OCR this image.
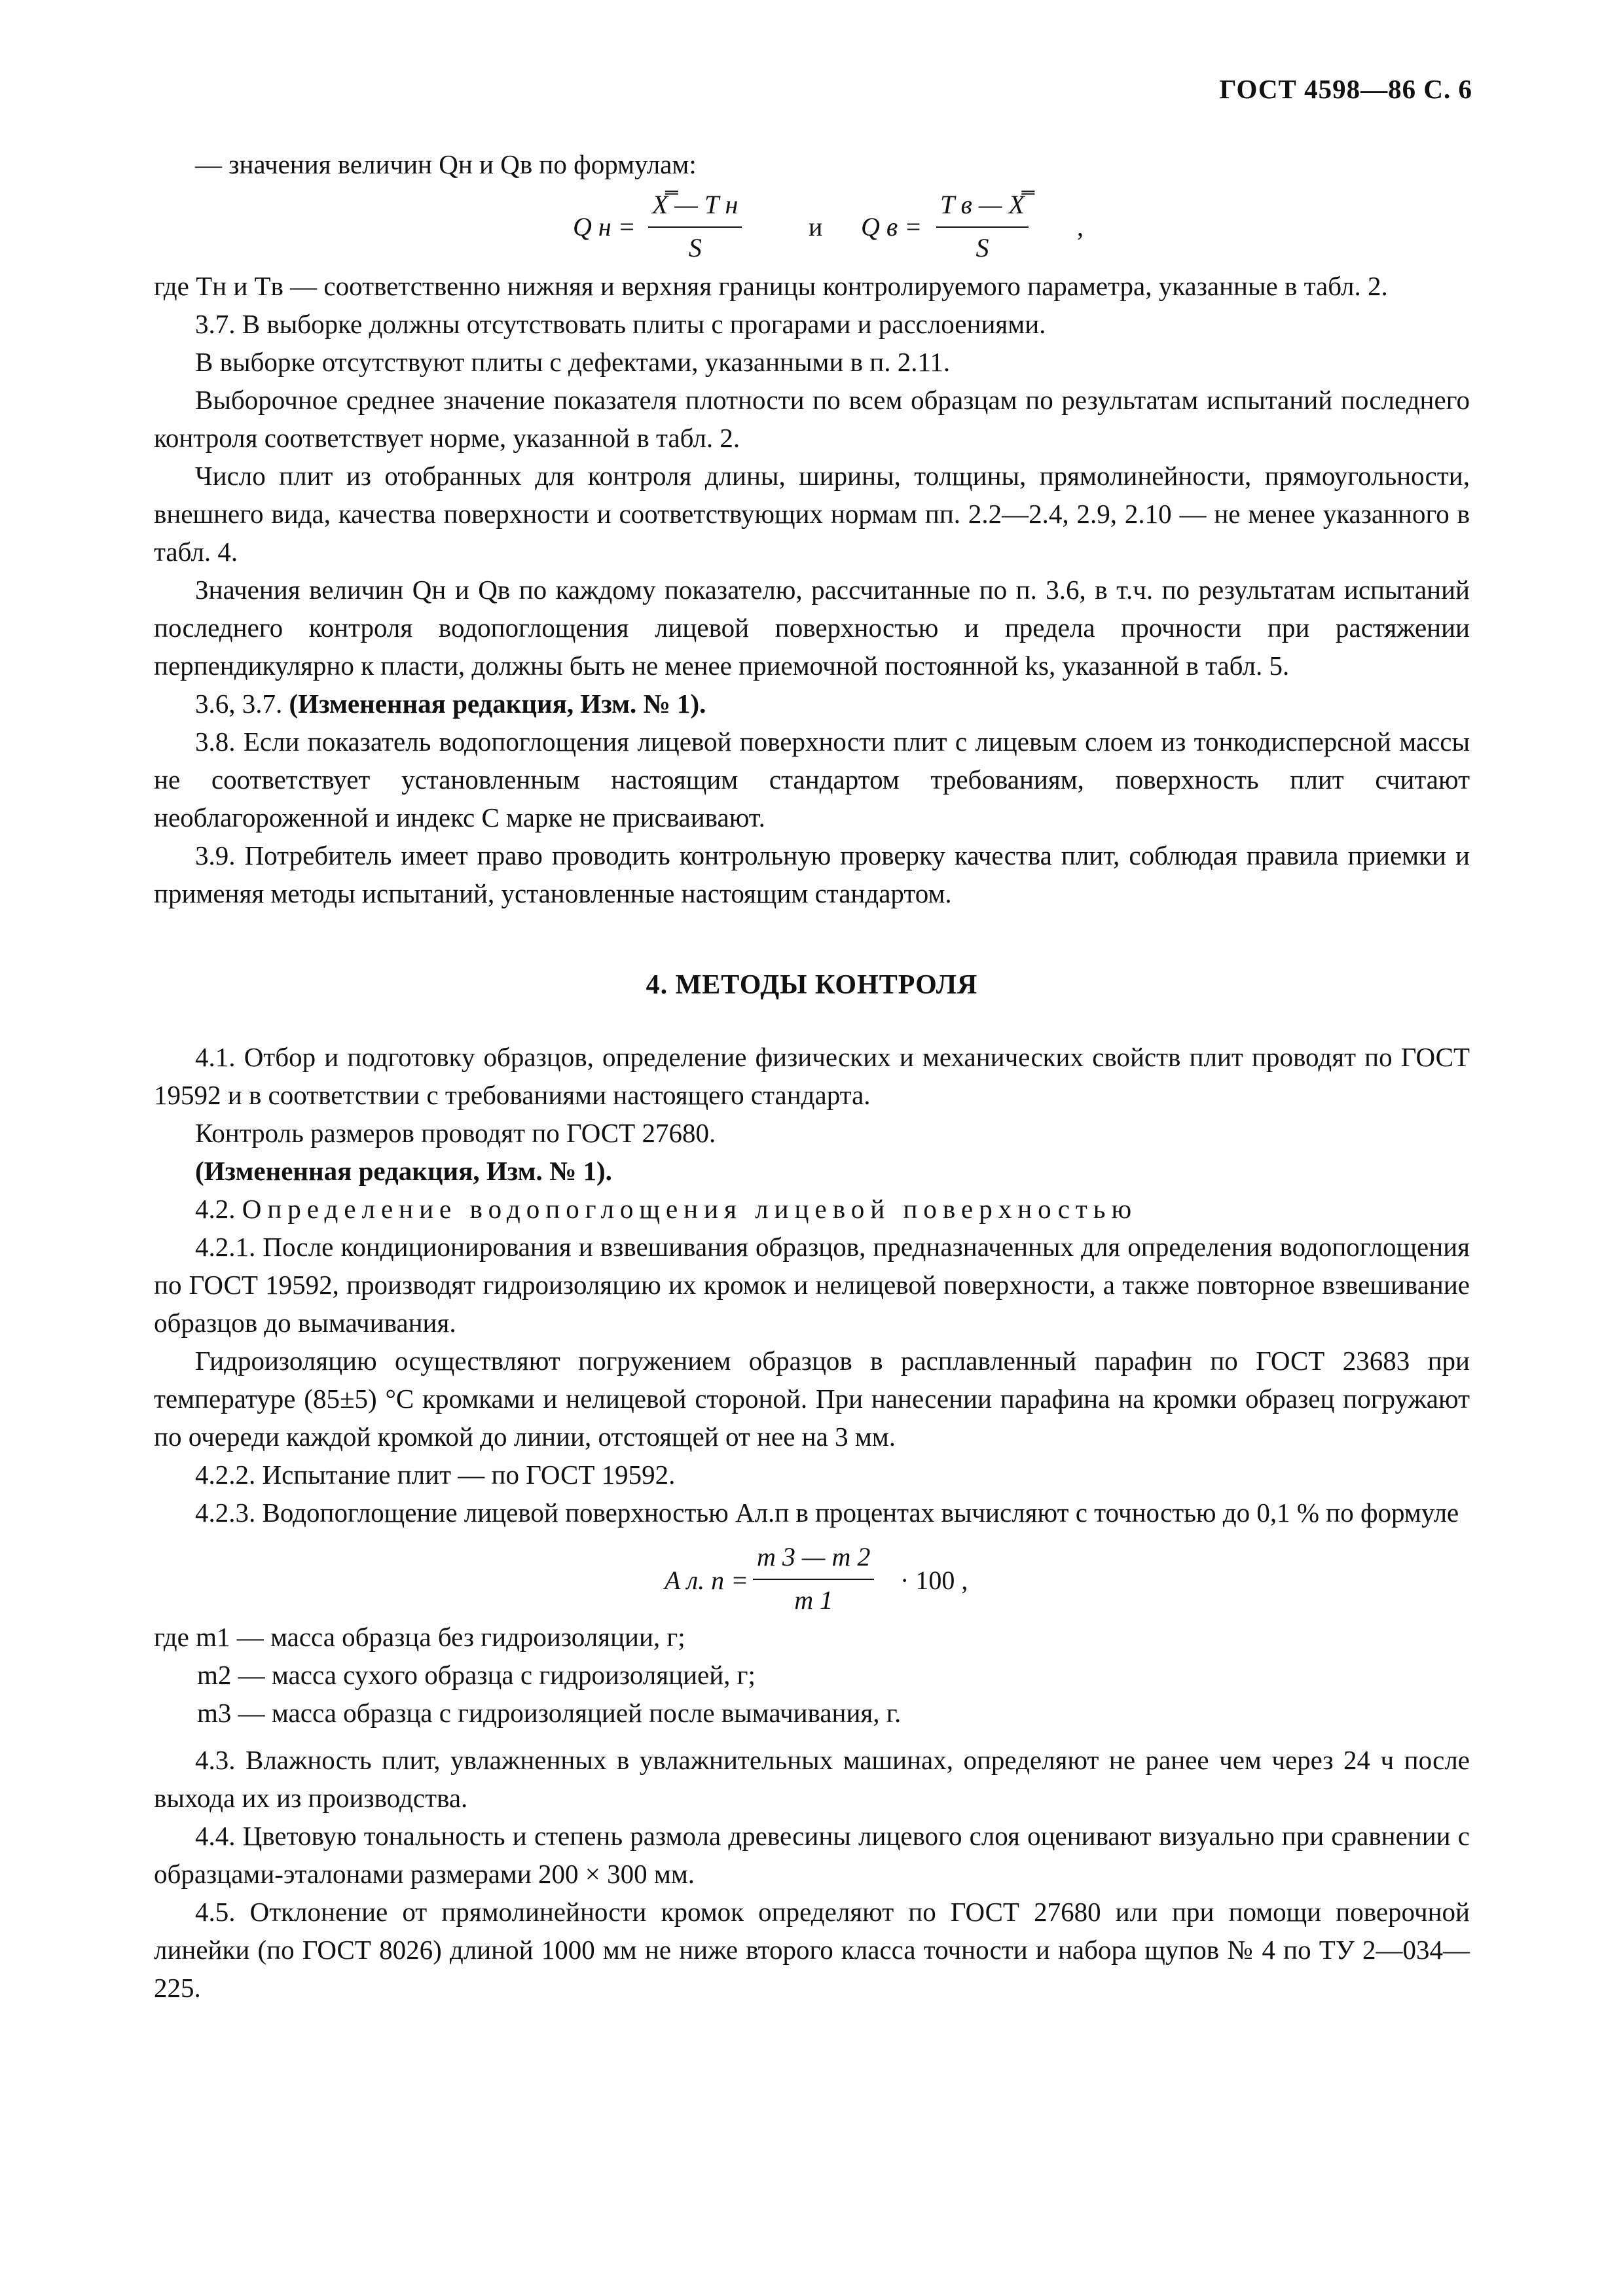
ГОСТ 4598—86 С. 6

— значения величин Qн и Qв по формулам:

Q н =
X̿ — T н
S
и Q в =
T в — X̿
S
,

где Tн и Tв — соответственно нижняя и верхняя границы контролируемого параметра, указанные в табл. 2.

3.7. В выборке должны отсутствовать плиты с прогарами и расслоениями.

В выборке отсутствуют плиты с дефектами, указанными в п. 2.11.

Выборочное среднее значение показателя плотности по всем образцам по результатам испытаний последнего контроля соответствует норме, указанной в табл. 2.

Число плит из отобранных для контроля длины, ширины, толщины, прямолинейности, прямоугольности, внешнего вида, качества поверхности и соответствующих нормам пп. 2.2—2.4, 2.9, 2.10 — не менее указанного в табл. 4.

Значения величин Qн и Qв по каждому показателю, рассчитанные по п. 3.6, в т.ч. по результатам испытаний последнего контроля водопоглощения лицевой поверхностью и предела прочности при растяжении перпендикулярно к пласти, должны быть не менее приемочной постоянной ks, указанной в табл. 5.

3.6, 3.7. (Измененная редакция, Изм. № 1).

3.8. Если показатель водопоглощения лицевой поверхности плит с лицевым слоем из тонкодисперсной массы не соответствует установленным настоящим стандартом требованиям, поверхность плит считают необлагороженной и индекс С марке не присваивают.

3.9. Потребитель имеет право проводить контрольную проверку качества плит, соблюдая правила приемки и применяя методы испытаний, установленные настоящим стандартом.

4. МЕТОДЫ КОНТРОЛЯ

4.1. Отбор и подготовку образцов, определение физических и механических свойств плит проводят по ГОСТ 19592 и в соответствии с требованиями настоящего стандарта.

Контроль размеров проводят по ГОСТ 27680.

(Измененная редакция, Изм. № 1).

4.2. Определение водопоглощения лицевой поверхностью

4.2.1. После кондиционирования и взвешивания образцов, предназначенных для определения водопоглощения по ГОСТ 19592, производят гидроизоляцию их кромок и нелицевой поверхности, а также повторное взвешивание образцов до вымачивания.

Гидроизоляцию осуществляют погружением образцов в расплавленный парафин по ГОСТ 23683 при температуре (85±5) °С кромками и нелицевой стороной. При нанесении парафина на кромки образец погружают по очереди каждой кромкой до линии, отстоящей от нее на 3 мм.

4.2.2. Испытание плит — по ГОСТ 19592.

4.2.3. Водопоглощение лицевой поверхностью Aл.п в процентах вычисляют с точностью до 0,1 % по формуле

A л. $п = \frac{m 3 — m 2}{m 1} \cdot 100$ ,
где m1 — масса образца без гидроизоляции, г;
m2 — масса сухого образца с гидроизоляцией, г;
m3 — масса образца с гидроизоляцией после вымачивания, г.

4.3. Влажность плит, увлажненных в увлажнительных машинах, определяют не ранее чем через 24 ч после выхода их из производства.

4.4. Цветовую тональность и степень размола древесины лицевого слоя оценивают визуально при сравнении с образцами-эталонами размерами 200 × 300 мм.

4.5. Отклонение от прямолинейности кромок определяют по ГОСТ 27680 или при помощи поверочной линейки (по ГОСТ 8026) длиной 1000 мм не ниже второго класса точности и набора щупов № 4 по ТУ 2—034—225.
